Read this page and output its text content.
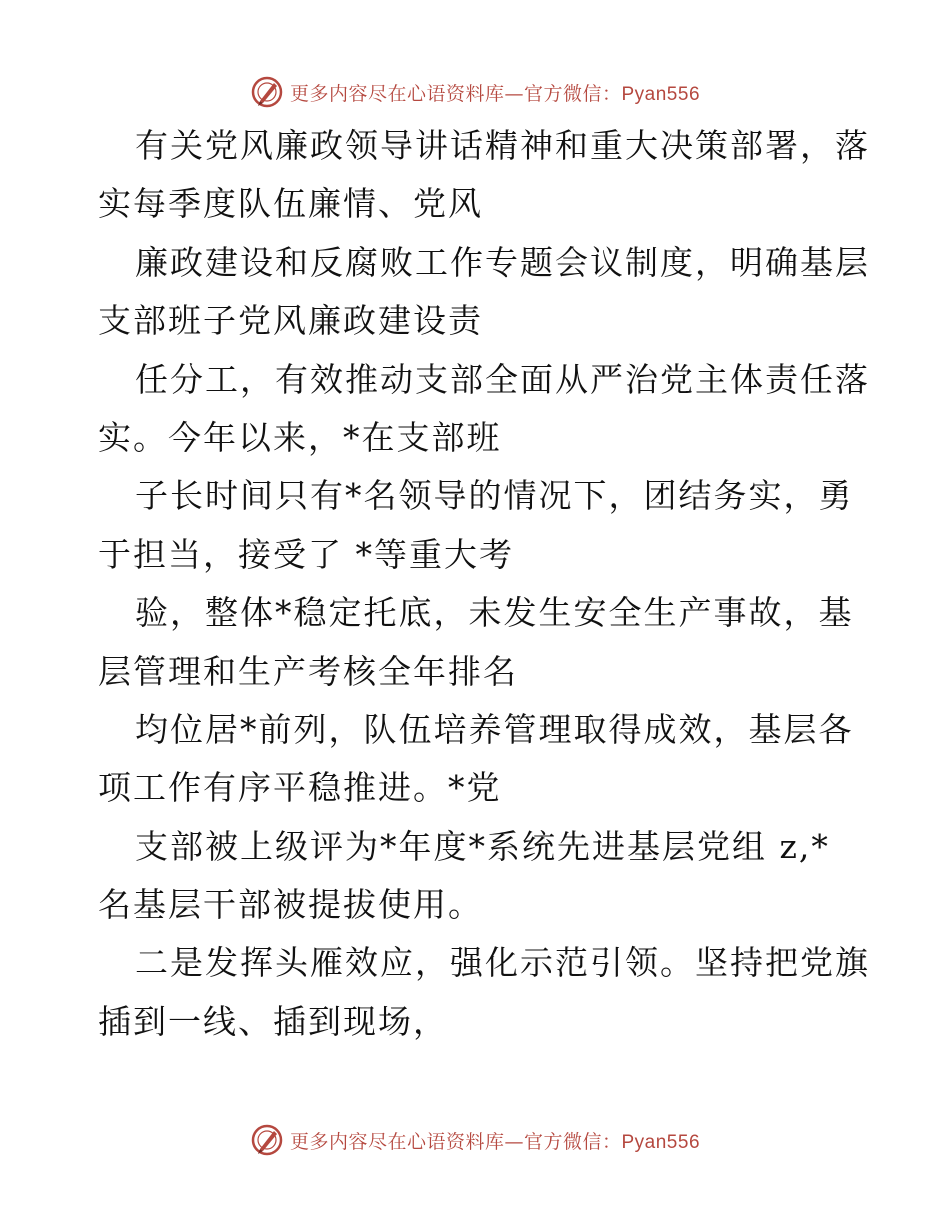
更多内容尽在心语资料库—官方微信：Pyan556
有关党风廉政领导讲话精神和重大决策部署，落
实每季度队伍廉情、党风
廉政建设和反腐败工作专题会议制度，明确基层
支部班子党风廉政建设责
任分工，有效推动支部全面从严治党主体责任落
实。今年以来，*在支部班
子长时间只有*名领导的情况下，团结务实，勇
于担当，接受了 *等重大考
验，整体*稳定托底，未发生安全生产事故，基
层管理和生产考核全年排名
均位居*前列，队伍培养管理取得成效，基层各
项工作有序平稳推进。*党
支部被上级评为*年度*系统先进基层党组 z,*
名基层干部被提拔使用。
二是发挥头雁效应，强化示范引领。坚持把党旗
插到一线、插到现场，
更多内容尽在心语资料库—官方微信：Pyan556
